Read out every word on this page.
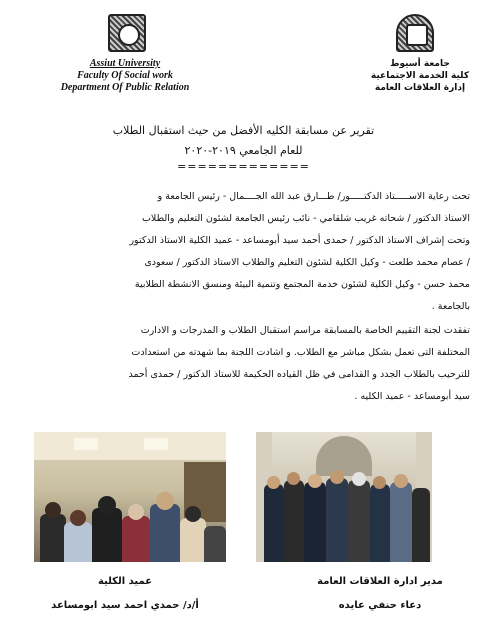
Assiut University
Faculty Of Social work
Department Of Public Relation
جامعة أسيوط
كلية الخدمة الاجتماعية
إدارة العلاقات العامة
تقرير عن مسابقة الكليه الأفضل من حيث استقبال الطلاب
للعام الجامعي ٢٠١٩-٢٠٢٠
=============
تحت رعاية الاســـــتاذ الدكتـــــور/ طـــارق عبد الله الجــــمال - رئيس الجامعة و
الاستاذ الدكتور / شحاته غريب شلقامي - نائب رئيس الجامعة لشئون التعليم والطلاب
وتحت إشراف الاستاذ الدكتور / حمدى أحمد سيد أبومساعد - عميد الكلية الاستاذ الدكتور
/ عصام محمد طلعت - وكيل الكلية لشئون التعليم والطلاب الاستاذ الدكتور / سعودى
محمد حسن - وكيل الكلية لشئون خدمة المجتمع وتنمية البيئة ومنسق الانشطة الطلابية
بالجامعة .
تفقدت لجنة التقييم الخاصة بالمسابقة مراسم استقبال الطلاب و المدرجات و الادارت
المختلفة التى تعمل بشكل مباشر مع الطلاب. و اشادت اللجنة بما شهدته من استعدادت
للترحيب بالطلاب الجدد و القدامى في ظل القياده الحكيمة للاستاذ الدكتور / حمدى أحمد
سيد أبومساعد - عميد الكليه .
مدير ادارة العلاقات العامة
دعاء حنفي عايده
عميد الكلية
أ/د/ حمدي احمد سيد ابومساعد
